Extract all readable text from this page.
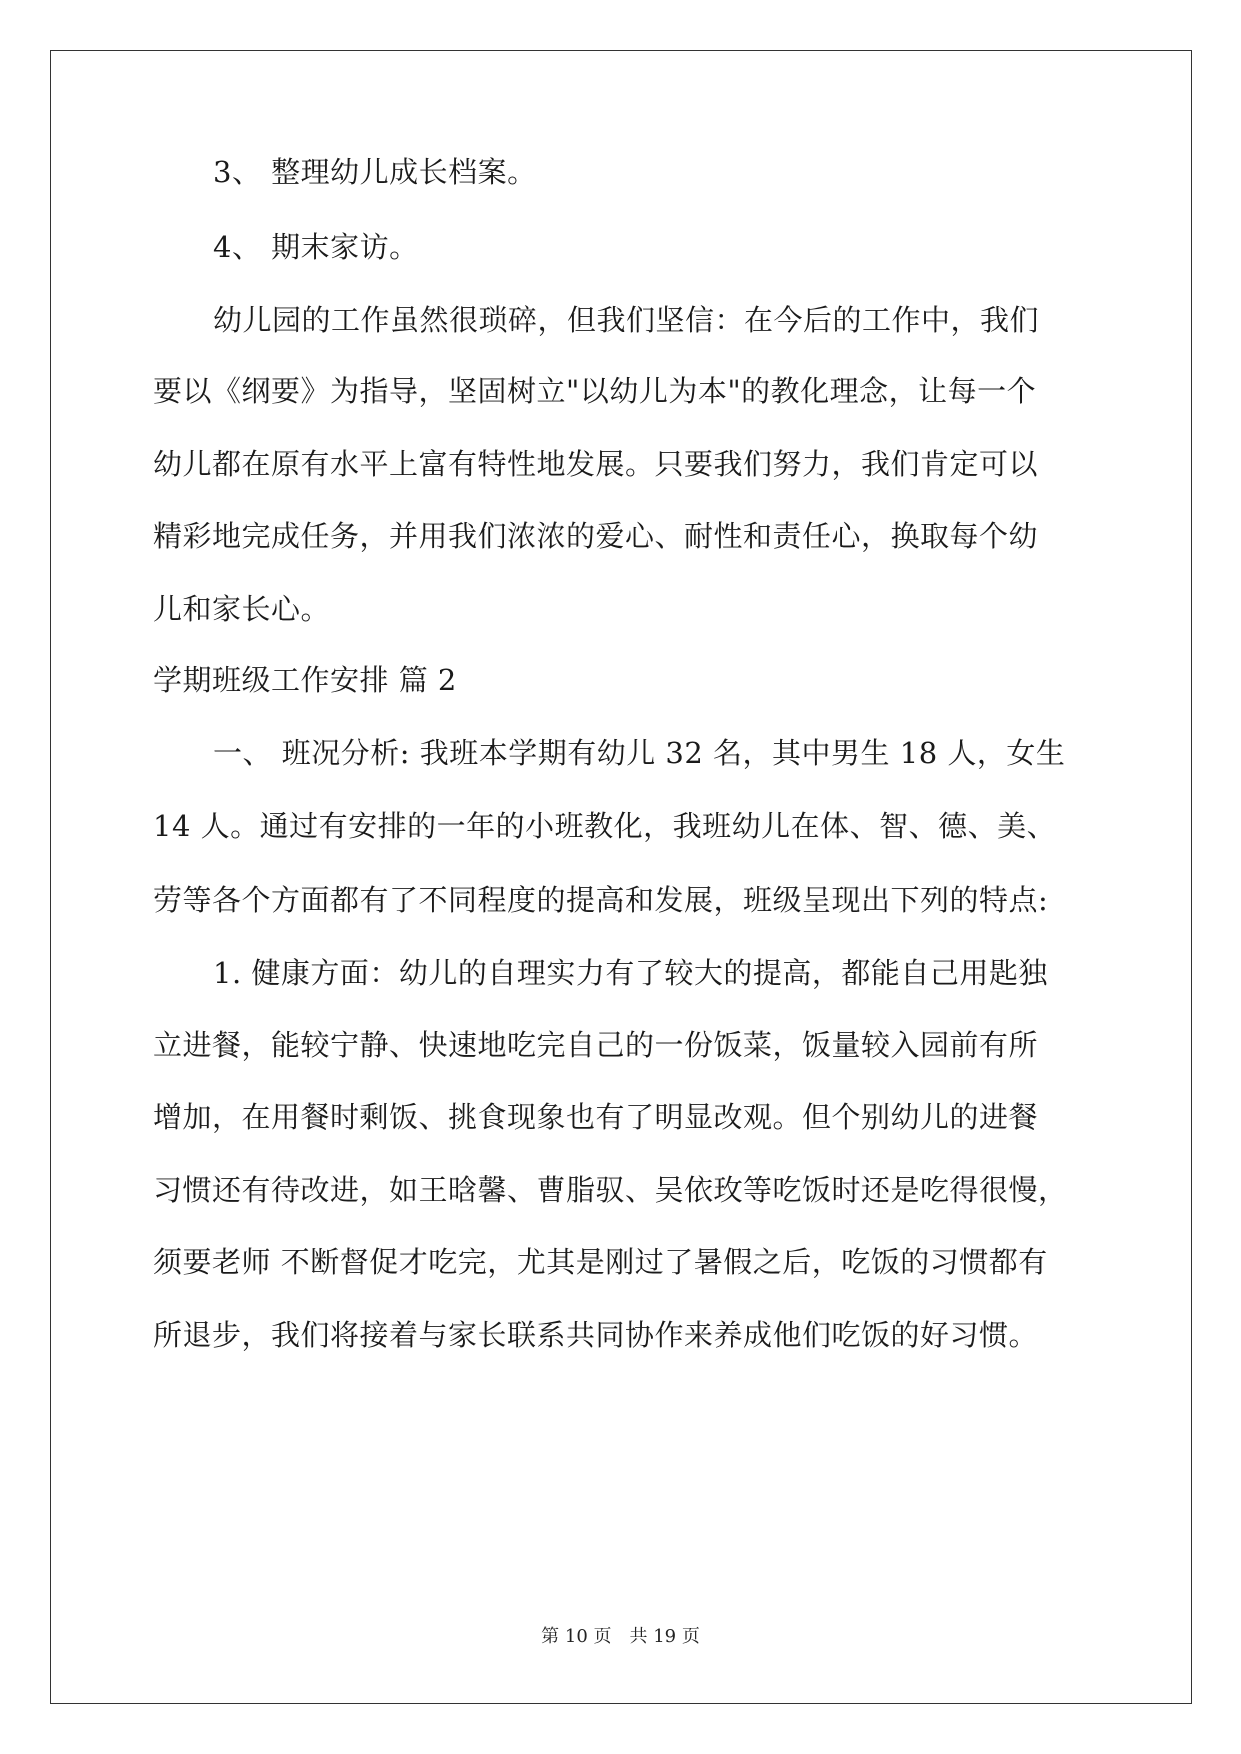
3、 整理幼儿成长档案。
4、 期末家访。
幼儿园的工作虽然很琐碎，但我们坚信：在今后的工作中，我们
要以《纲要》为指导，坚固树立"以幼儿为本"的教化理念，让每一个
幼儿都在原有水平上富有特性地发展。只要我们努力，我们肯定可以
精彩地完成任务，并用我们浓浓的爱心、耐性和责任心，换取每个幼
儿和家长心。
学期班级工作安排 篇 2
一、 班况分析: 我班本学期有幼儿 32 名，其中男生 18 人，女生
14 人。通过有安排的一年的小班教化，我班幼儿在体、智、德、美、
劳等各个方面都有了不同程度的提高和发展，班级呈现出下列的特点:
1. 健康方面：幼儿的自理实力有了较大的提高，都能自己用匙独
立进餐，能较宁静、快速地吃完自己的一份饭菜，饭量较入园前有所
增加，在用餐时剩饭、挑食现象也有了明显改观。但个别幼儿的进餐
习惯还有待改进，如王晗馨、曹脂驭、吴依玫等吃饭时还是吃得很慢，
须要老师 不断督促才吃完，尤其是刚过了暑假之后，吃饭的习惯都有
所退步，我们将接着与家长联系共同协作来养成他们吃饭的好习惯。
第 10 页　共 19 页
